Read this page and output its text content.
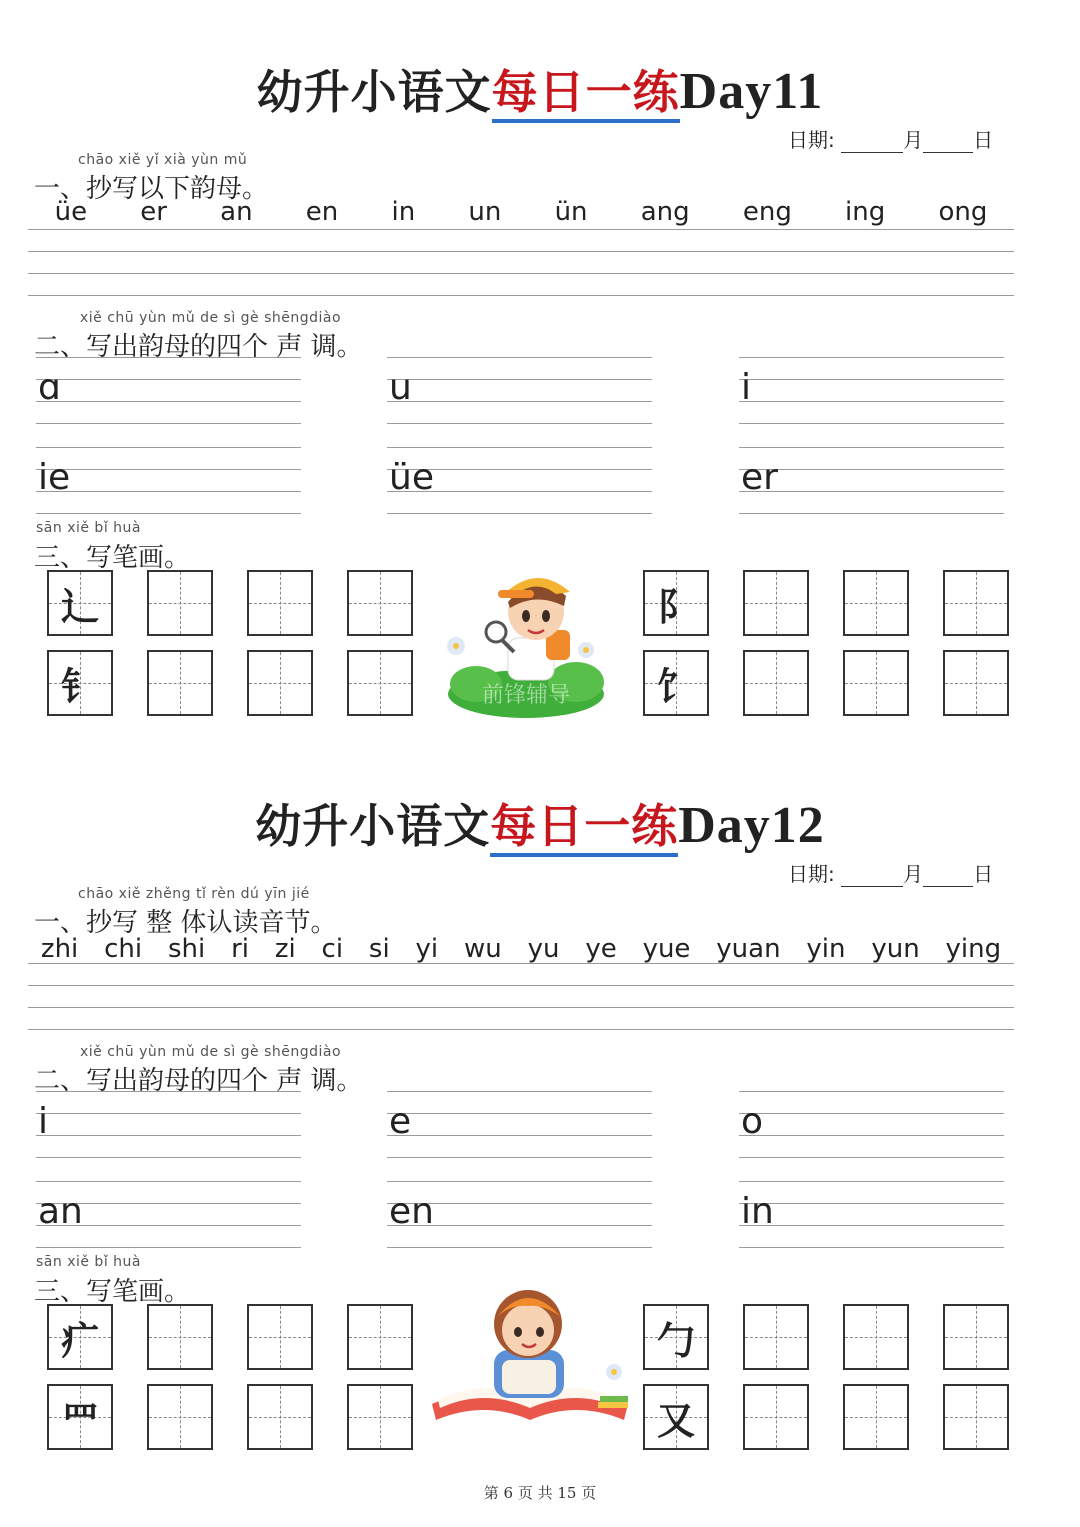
幼升小语文每日一练Day11
日期:	月	日
chāo xiě yǐ xià yùn mǔ
一、抄写以下韵母。
üe	er	an	en	in	un	ün	ang	eng	ing	ong
xiě chū yùn mǔ de sì gè shēngdiào
二、写出韵母的四个 声 调。
ɑ	u	i
ie	üe	er
sān xiě bǐ huà
三、写笔画。
辶	阝
钅	饣
前锋辅导
幼升小语文每日一练Day12
日期:	月	日
chāo xiě zhěng tǐ rèn dú yīn jié
一、抄写 整 体认读音节。
zhi chi shi ri zi ci si yi wu yu ye yue yuan yin yun ying
xiě chū yùn mǔ de sì gè shēngdiào
二、写出韵母的四个 声 调。
i	e	o
an	en	in
sān xiě bǐ huà
三、写笔画。
疒	勹
罒	又
第 6 页 共 15 页
